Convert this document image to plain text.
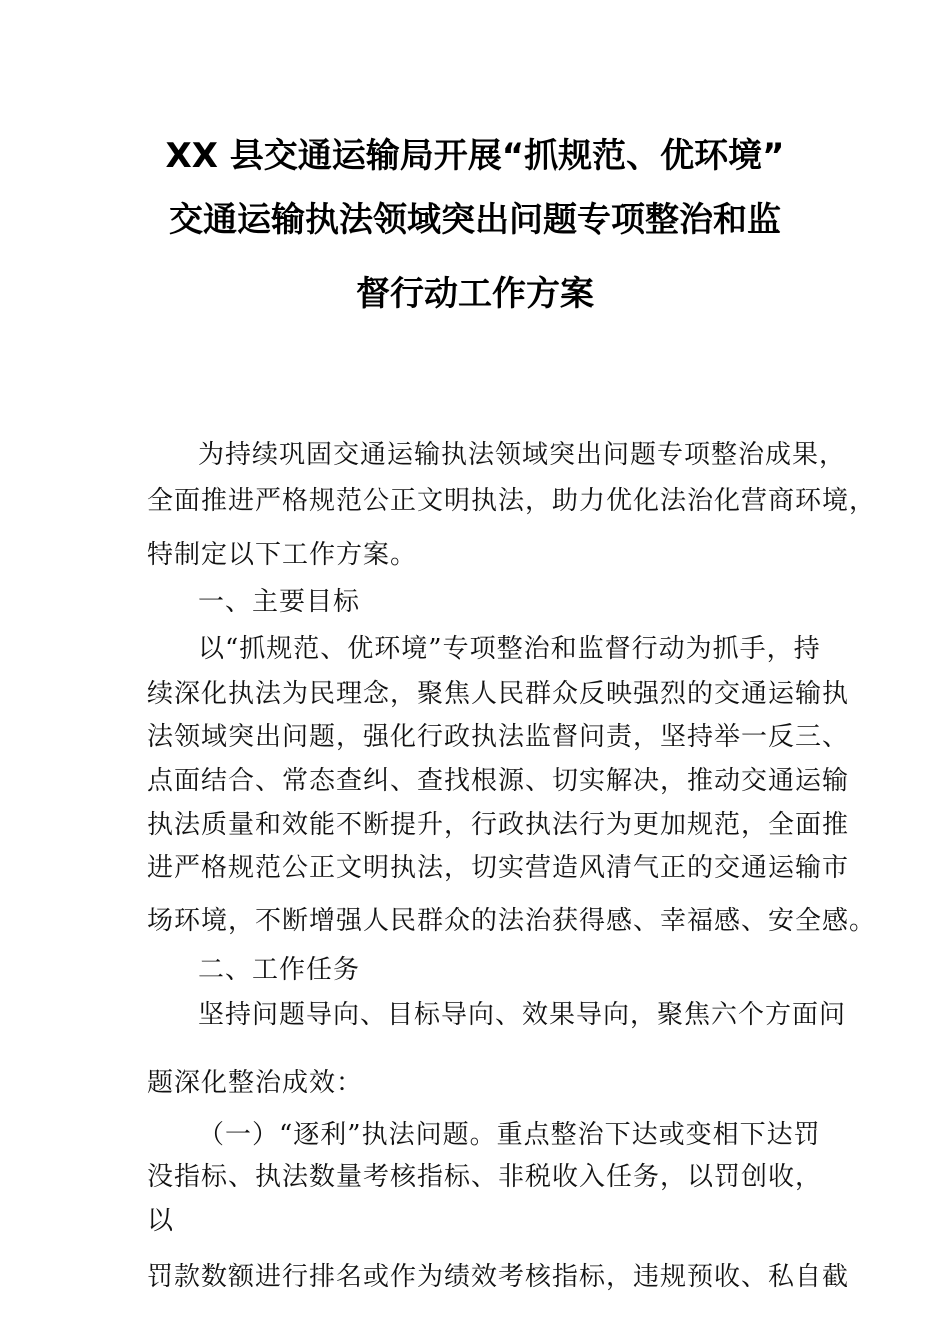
XX 县交通运输局开展“抓规范、优环境”
交通运输执法领域突出问题专项整治和监
督行动工作方案
为持续巩固交通运输执法领域突出问题专项整治成果，
全面推进严格规范公正文明执法，助力优化法治化营商环境，
特制定以下工作方案。
一、主要目标
以“抓规范、优环境”专项整治和监督行动为抓手，持
续深化执法为民理念，聚焦人民群众反映强烈的交通运输执
法领域突出问题，强化行政执法监督问责，坚持举一反三、
点面结合、常态查纠、查找根源、切实解决，推动交通运输
执法质量和效能不断提升，行政执法行为更加规范，全面推
进严格规范公正文明执法，切实营造风清气正的交通运输市
场环境，不断增强人民群众的法治获得感、幸福感、安全感。
二、工作任务
坚持问题导向、目标导向、效果导向，聚焦六个方面问
题深化整治成效：
（一）“逐利”执法问题。重点整治下达或变相下达罚
没指标、执法数量考核指标、非税收入任务，以罚创收，
以
罚款数额进行排名或作为绩效考核指标，违规预收、私自截
